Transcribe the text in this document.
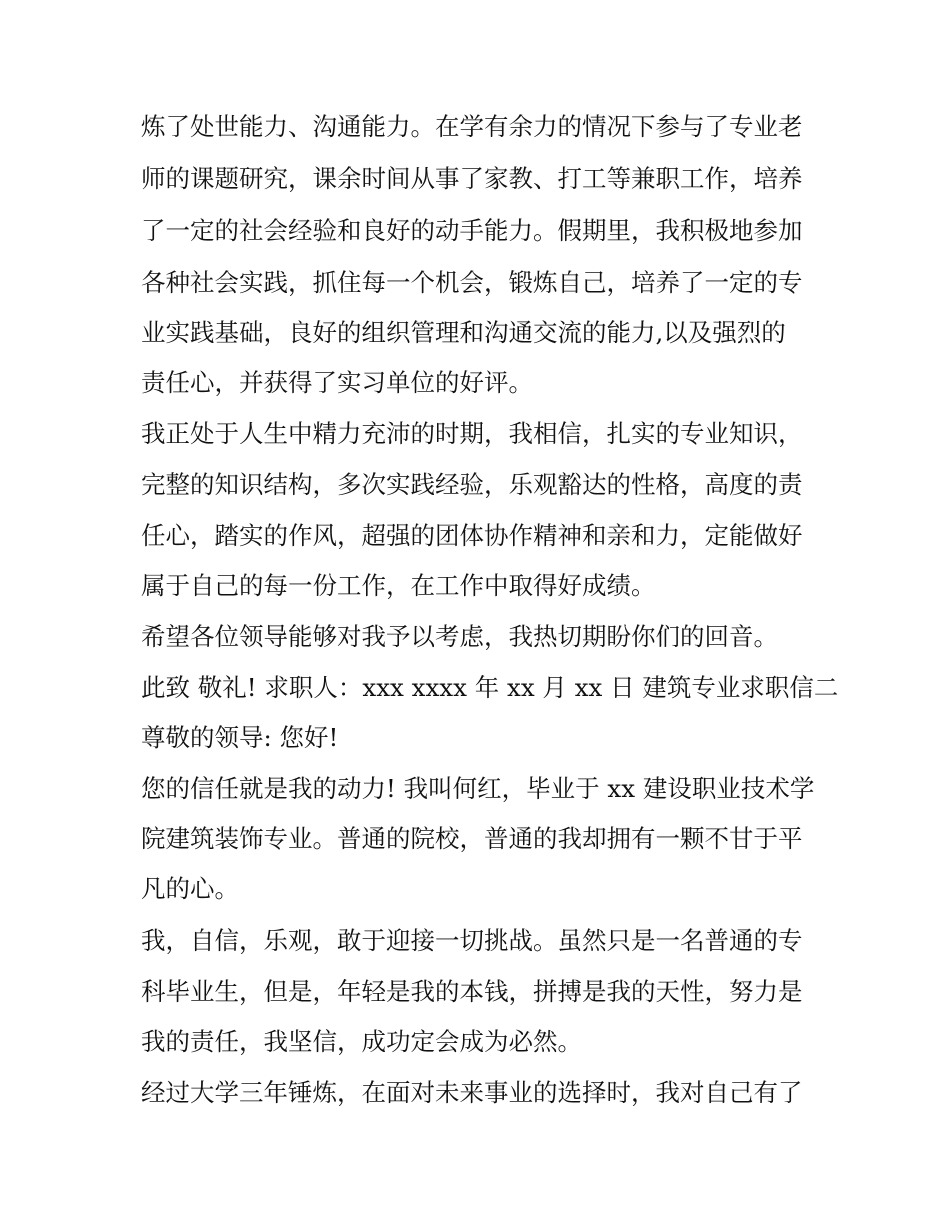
炼了处世能力、沟通能力。在学有余力的情况下参与了专业老

师的课题研究，课余时间从事了家教、打工等兼职工作，培养

了一定的社会经验和良好的动手能力。假期里，我积极地参加

各种社会实践，抓住每一个机会，锻炼自己，培养了一定的专

业实践基础，良好的组织管理和沟通交流的能力,以及强烈的

责任心，并获得了实习单位的好评。

我正处于人生中精力充沛的时期，我相信，扎实的专业知识，

完整的知识结构，多次实践经验，乐观豁达的性格，高度的责

任心，踏实的作风，超强的团体协作精神和亲和力，定能做好

属于自己的每一份工作，在工作中取得好成绩。

希望各位领导能够对我予以考虑，我热切期盼你们的回音。

此致 敬礼! 求职人：xxx xxxx 年 xx 月 xx 日 建筑专业求职信二

尊敬的领导: 您好!

您的信任就是我的动力! 我叫何红，毕业于 xx 建设职业技术学

院建筑装饰专业。普通的院校，普通的我却拥有一颗不甘于平

凡的心。

我，自信，乐观，敢于迎接一切挑战。虽然只是一名普通的专

科毕业生，但是，年轻是我的本钱，拼搏是我的天性，努力是

我的责任，我坚信，成功定会成为必然。

经过大学三年锤炼，在面对未来事业的选择时，我对自己有了
